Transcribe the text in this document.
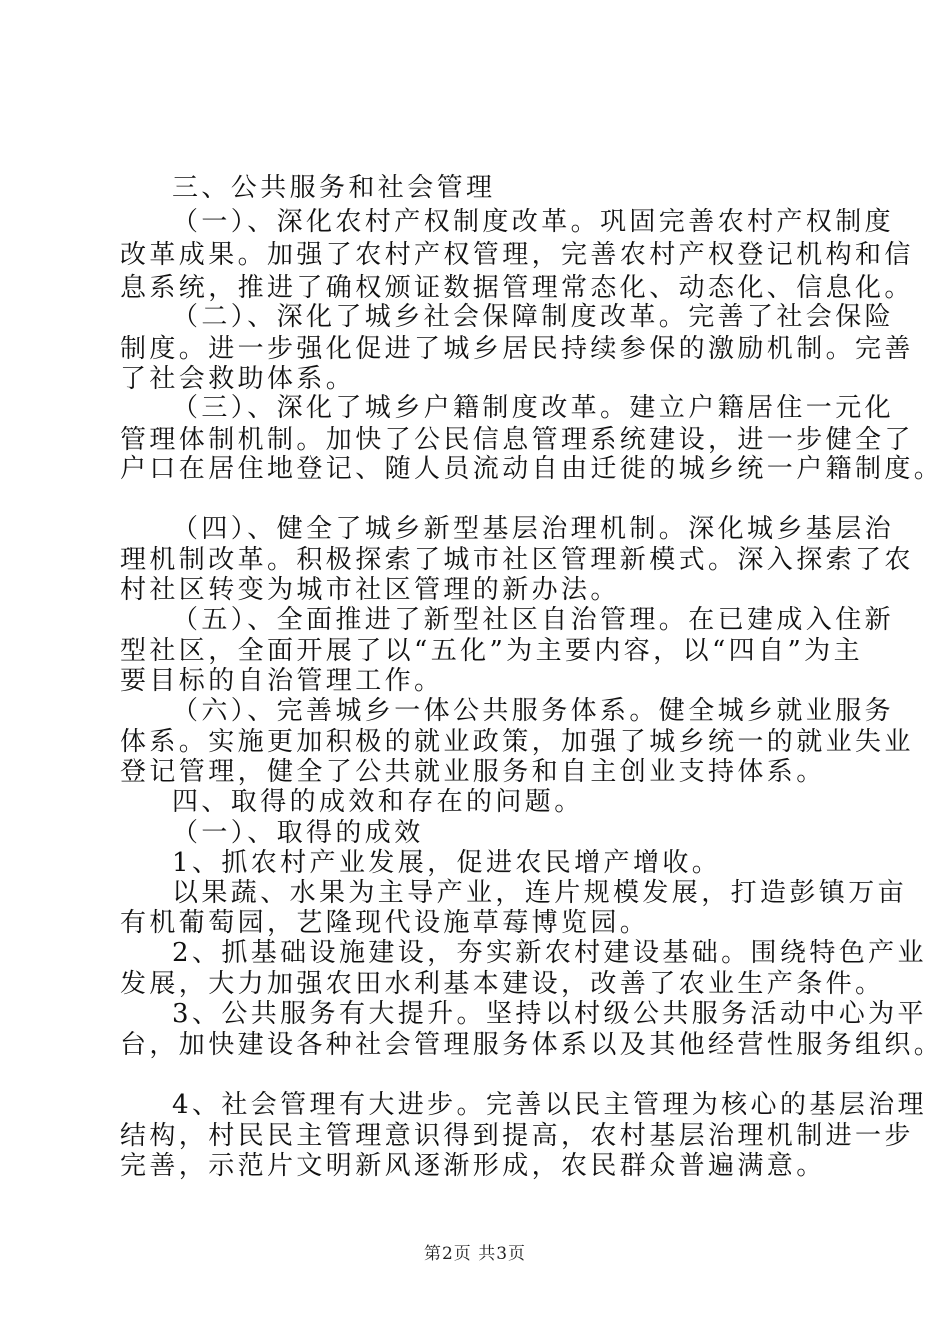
三、公共服务和社会管理
（一）、深化农村产权制度改革。巩固完善农村产权制度
改革成果。加强了农村产权管理，完善农村产权登记机构和信
息系统，推进了确权颁证数据管理常态化、动态化、信息化。
（二）、深化了城乡社会保障制度改革。完善了社会保险
制度。进一步强化促进了城乡居民持续参保的激励机制。完善
了社会救助体系。
（三）、深化了城乡户籍制度改革。建立户籍居住一元化
管理体制机制。加快了公民信息管理系统建设，进一步健全了
户口在居住地登记、随人员流动自由迁徙的城乡统一户籍制度。
（四）、健全了城乡新型基层治理机制。深化城乡基层治
理机制改革。积极探索了城市社区管理新模式。深入探索了农
村社区转变为城市社区管理的新办法。
（五）、全面推进了新型社区自治管理。在已建成入住新
型社区，全面开展了以“五化”为主要内容，以“四自”为主
要目标的自治管理工作。
（六）、完善城乡一体公共服务体系。健全城乡就业服务
体系。实施更加积极的就业政策，加强了城乡统一的就业失业
登记管理，健全了公共就业服务和自主创业支持体系。
四、取得的成效和存在的问题。
（一）、取得的成效
1、抓农村产业发展，促进农民增产增收。
以果蔬、水果为主导产业，连片规模发展，打造彭镇万亩
有机葡萄园，艺隆现代设施草莓博览园。
2、抓基础设施建设，夯实新农村建设基础。围绕特色产业
发展，大力加强农田水利基本建设，改善了农业生产条件。
3、公共服务有大提升。坚持以村级公共服务活动中心为平
台，加快建设各种社会管理服务体系以及其他经营性服务组织。
4、社会管理有大进步。完善以民主管理为核心的基层治理
结构，村民民主管理意识得到提高，农村基层治理机制进一步
完善，示范片文明新风逐渐形成，农民群众普遍满意。
第2页 共3页
